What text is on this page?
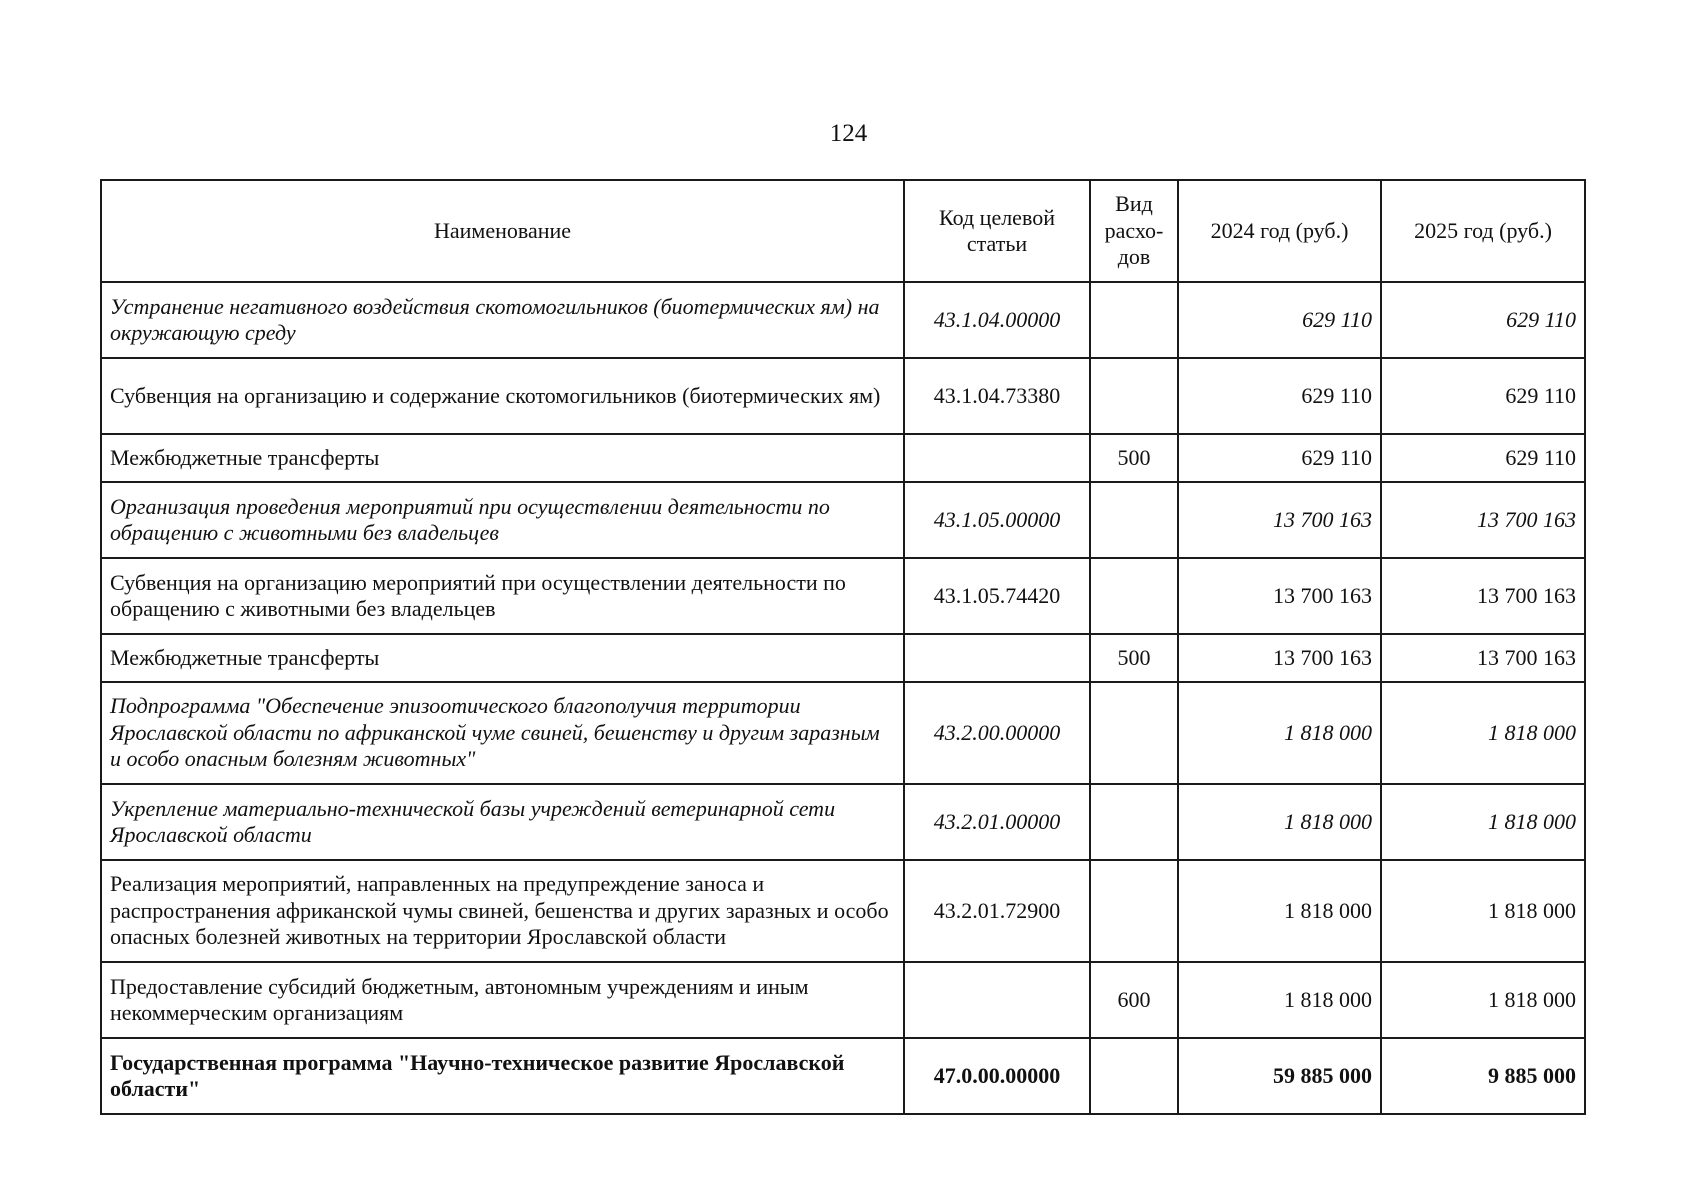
124
Наименование	Код целевой статьи	Вид расхо-дов	2024 год (руб.)	2025 год (руб.)
Устранение негативного воздействия скотомогильников (биотермических ям) на окружающую среду	43.1.04.00000		629 110	629 110
Субвенция на организацию и содержание скотомогильников (биотермических ям)	43.1.04.73380		629 110	629 110
Межбюджетные трансферты		500	629 110	629 110
Организация проведения мероприятий при осуществлении деятельности по обращению с животными без владельцев	43.1.05.00000		13 700 163	13 700 163
Субвенция на организацию мероприятий при осуществлении деятельности по обращению с животными без владельцев	43.1.05.74420		13 700 163	13 700 163
Межбюджетные трансферты		500	13 700 163	13 700 163
Подпрограмма "Обеспечение эпизоотического благополучия территории Ярославской области по африканской чуме свиней, бешенству и другим заразным и особо опасным болезням животных"	43.2.00.00000		1 818 000	1 818 000
Укрепление материально-технической базы учреждений ветеринарной сети Ярославской области	43.2.01.00000		1 818 000	1 818 000
Реализация мероприятий, направленных на предупреждение заноса и распространения африканской чумы свиней, бешенства и других заразных и особо опасных болезней животных на территории Ярославской области	43.2.01.72900		1 818 000	1 818 000
Предоставление субсидий бюджетным, автономным учреждениям и иным некоммерческим организациям		600	1 818 000	1 818 000
Государственная программа "Научно-техническое развитие Ярославской области"	47.0.00.00000		59 885 000	9 885 000
